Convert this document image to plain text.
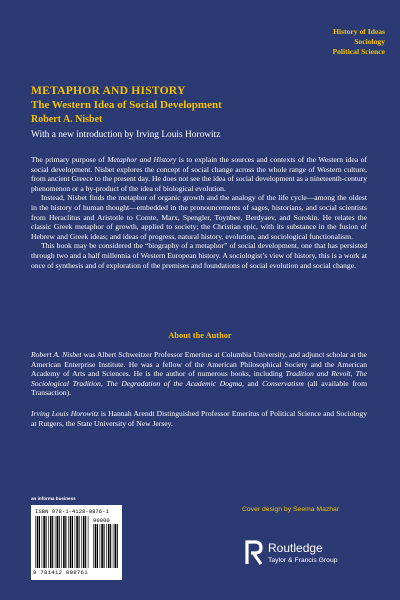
History of Ideas
Sociology
Political Science
METAPHOR AND HISTORY
The Western Idea of Social Development
Robert A. Nisbet
With a new introduction by Irving Louis Horowitz

The primary purpose of Metaphor and History is to explain the sources and contexts of the Western idea of social development. Nisbet explores the concept of social change across the whole range of Western culture, from ancient Greece to the present day. He does not see the idea of social development as a nineteenth-century phenomenon or a by-product of the idea of biological evolution.

Instead, Nisbet finds the metaphor of organic growth and the analogy of the life cycle—among the oldest in the history of human thought—embedded in the pronouncements of sages, historians, and social scientists from Heraclitus and Aristotle to Comte, Marx, Spengler, Toynbee, Berdyaev, and Sorokin. He relates the classic Greek metaphor of growth, applied to society; the Christian epic, with its substance in the fusion of Hebrew and Greek ideas; and ideas of progress, natural history, evolution, and sociological functionalism.

This book may be considered the “biography of a metaphor” of social development, one that has persisted through two and a half millennia of Western European history. A sociologist’s view of history, this is a work at once of synthesis and of exploration of the premises and foundations of social evolution and social change.

About the Author

Robert A. Nisbet was Albert Schweitzer Professor Emeritus at Columbia University, and adjunct scholar at the American Enterprise Institute. He was a fellow of the American Philosophical Society and the American Academy of Arts and Sciences. He is the author of numerous books, including Tradition and Revolt, The Sociological Tradition, The Degradation of the Academic Dogma, and Conservatism (all available from Transaction).

Irving Louis Horowitz is Hannah Arendt Distinguished Professor Emeritus of Political Science and Sociology at Rutgers, the State University of New Jersey.

an informa business
ISBN 978-1-4128-0876-1
90000
9 781412 808761
Cover design by Seema Mazhar
Routledge
Taylor & Francis Group
